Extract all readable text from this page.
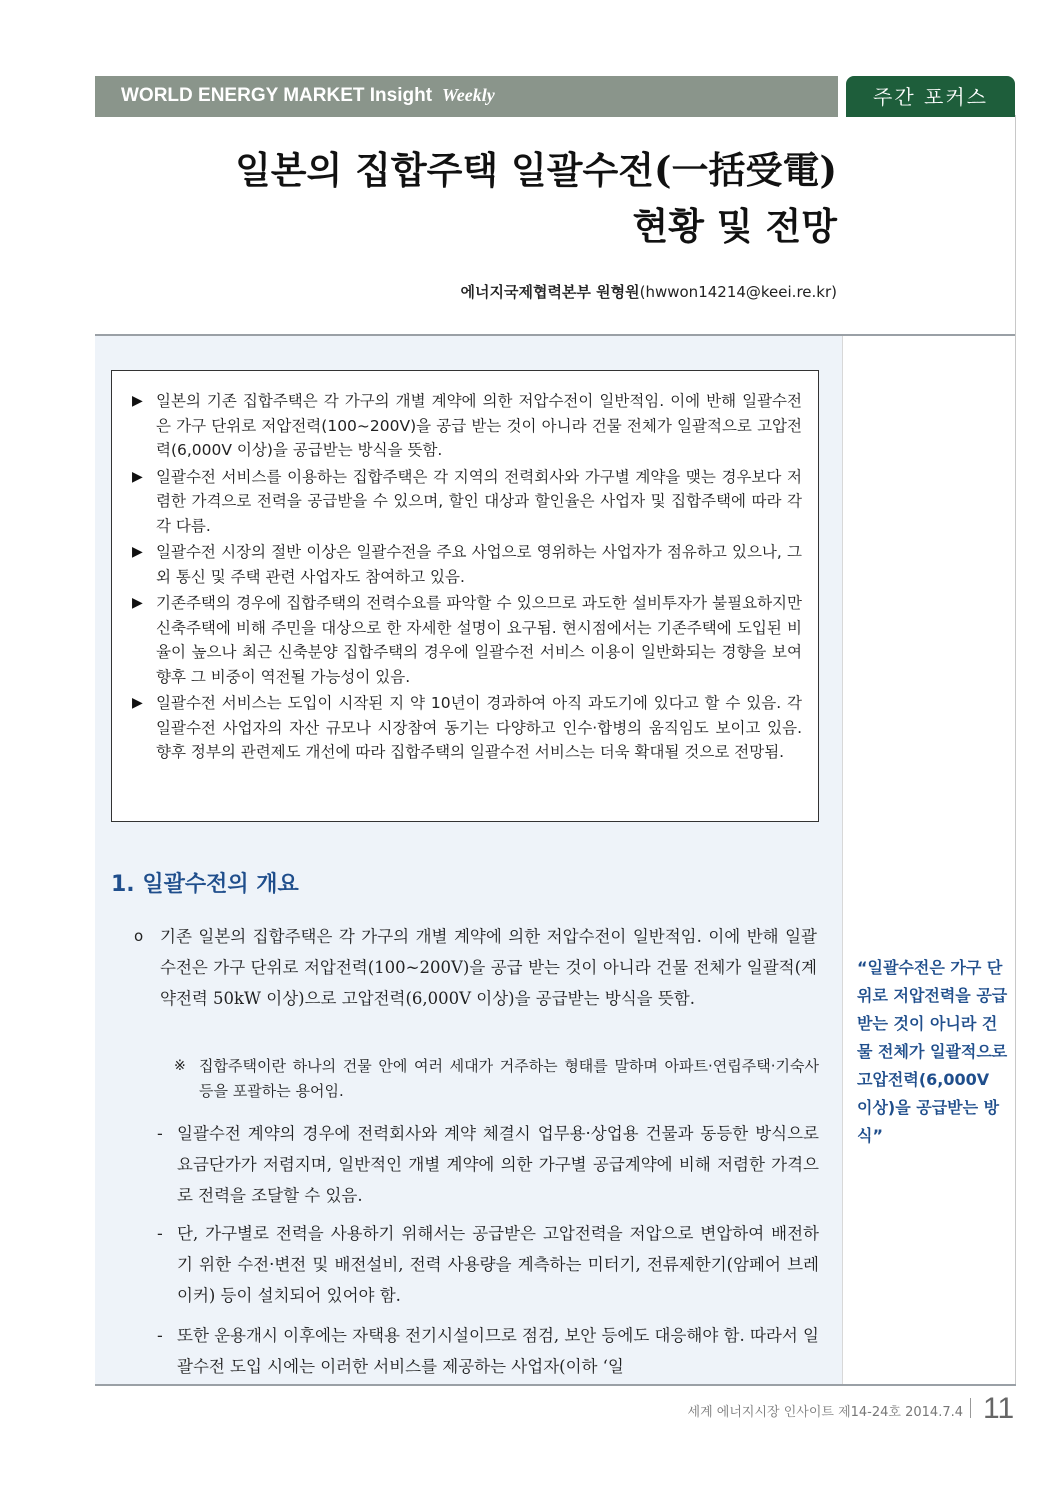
WORLD ENERGY MARKET Insight Weekly	주간 포커스
일본의 집합주택 일괄수전(一括受電)
현황 및 전망
에너지국제협력본부 원형원(hwwon14214@keei.re.kr)
▶ 일본의 기존 집합주택은 각 가구의 개별 계약에 의한 저압수전이 일반적임. 이에 반해 일괄수전은 가구 단위로 저압전력(100~200V)을 공급 받는 것이 아니라 건물 전체가 일괄적으로 고압전력(6,000V 이상)을 공급받는 방식을 뜻함.
▶ 일괄수전 서비스를 이용하는 집합주택은 각 지역의 전력회사와 가구별 계약을 맺는 경우보다 저렴한 가격으로 전력을 공급받을 수 있으며, 할인 대상과 할인율은 사업자 및 집합주택에 따라 각각 다름.
▶ 일괄수전 시장의 절반 이상은 일괄수전을 주요 사업으로 영위하는 사업자가 점유하고 있으나, 그 외 통신 및 주택 관련 사업자도 참여하고 있음.
▶ 기존주택의 경우에 집합주택의 전력수요를 파악할 수 있으므로 과도한 설비투자가 불필요하지만 신축주택에 비해 주민을 대상으로 한 자세한 설명이 요구됨. 현시점에서는 기존주택에 도입된 비율이 높으나 최근 신축분양 집합주택의 경우에 일괄수전 서비스 이용이 일반화되는 경향을 보여 향후 그 비중이 역전될 가능성이 있음.
▶ 일괄수전 서비스는 도입이 시작된 지 약 10년이 경과하여 아직 과도기에 있다고 할 수 있음. 각 일괄수전 사업자의 자산 규모나 시장참여 동기는 다양하고 인수·합병의 움직임도 보이고 있음. 향후 정부의 관련제도 개선에 따라 집합주택의 일괄수전 서비스는 더욱 확대될 것으로 전망됨.
1. 일괄수전의 개요
o 기존 일본의 집합주택은 각 가구의 개별 계약에 의한 저압수전이 일반적임. 이에 반해 일괄수전은 가구 단위로 저압전력(100~200V)을 공급 받는 것이 아니라 건물 전체가 일괄적(계약전력 50kW 이상)으로 고압전력(6,000V 이상)을 공급받는 방식을 뜻함.
※ 집합주택이란 하나의 건물 안에 여러 세대가 거주하는 형태를 말하며 아파트·연립주택·기숙사 등을 포괄하는 용어임.
- 일괄수전 계약의 경우에 전력회사와 계약 체결시 업무용·상업용 건물과 동등한 방식으로 요금단가가 저렴지며, 일반적인 개별 계약에 의한 가구별 공급계약에 비해 저렴한 가격으로 전력을 조달할 수 있음.
- 단, 가구별로 전력을 사용하기 위해서는 공급받은 고압전력을 저압으로 변압하여 배전하기 위한 수전·변전 및 배전설비, 전력 사용량을 계측하는 미터기, 전류제한기(암페어 브레이커) 등이 설치되어 있어야 함.
- 또한 운용개시 이후에는 자택용 전기시설이므로 점검, 보안 등에도 대응해야 함. 따라서 일괄수전 도입 시에는 이러한 서비스를 제공하는 사업자(이하 ‘일
“일괄수전은 가구 단위로 저압전력을 공급 받는 것이 아니라 건물 전체가 일괄적으로 고압전력(6,000V 이상)을 공급받는 방식”
세계 에너지시장 인사이트 제14-24호 2014.7.4 11
